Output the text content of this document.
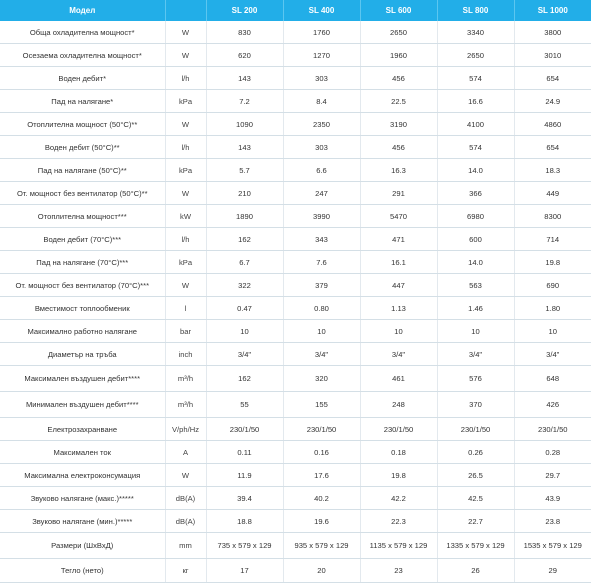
Модел		SL 200	SL 400	SL 600	SL 800	SL 1000
Обща охладителна мощност*	W	830	1760	2650	3340	3800
Осезаема охладителна мощност*	W	620	1270	1960	2650	3010
Воден дебит*	l/h	143	303	456	574	654
Пад на налягане*	kPa	7.2	8.4	22.5	16.6	24.9
Отоплителна мощност (50°C)**	W	1090	2350	3190	4100	4860
Воден дебит (50°C)**	l/h	143	303	456	574	654
Пад на налягане (50°C)**	kPa	5.7	6.6	16.3	14.0	18.3
От. мощност без вентилатор (50°C)**	W	210	247	291	366	449
Отоплителна мощност***	kW	1890	3990	5470	6980	8300
Воден дебит (70°C)***	l/h	162	343	471	600	714
Пад на налягане (70°C)***	kPa	6.7	7.6	16.1	14.0	19.8
От. мощност без вентилатор (70°C)***	W	322	379	447	563	690
Вместимост топлообменик	l	0.47	0.80	1.13	1.46	1.80
Максимално работно налягане	bar	10	10	10	10	10
Диаметър на тръба	inch	3/4"	3/4"	3/4"	3/4"	3/4"
Максимален въздушен дебит****	m³/h	162	320	461	576	648
Минимален въздушен дебит****	m³/h	55	155	248	370	426
Електрозахранване	V/ph/Hz	230/1/50	230/1/50	230/1/50	230/1/50	230/1/50
Максимален ток	A	0.11	0.16	0.18	0.26	0.28
Максимална електроконсумация	W	11.9	17.6	19.8	26.5	29.7
Звуково налягане (макс.)*****	dB(A)	39.4	40.2	42.2	42.5	43.9
Звуково налягане (мин.)*****	dB(A)	18.8	19.6	22.3	22.7	23.8
Размери (ШхВхД)	mm	735 x 579 x 129	935 x 579 x 129	1135 x 579 x 129	1335 x 579 x 129	1535 x 579 x 129
Тегло (нето)	кг	17	20	23	26	29
